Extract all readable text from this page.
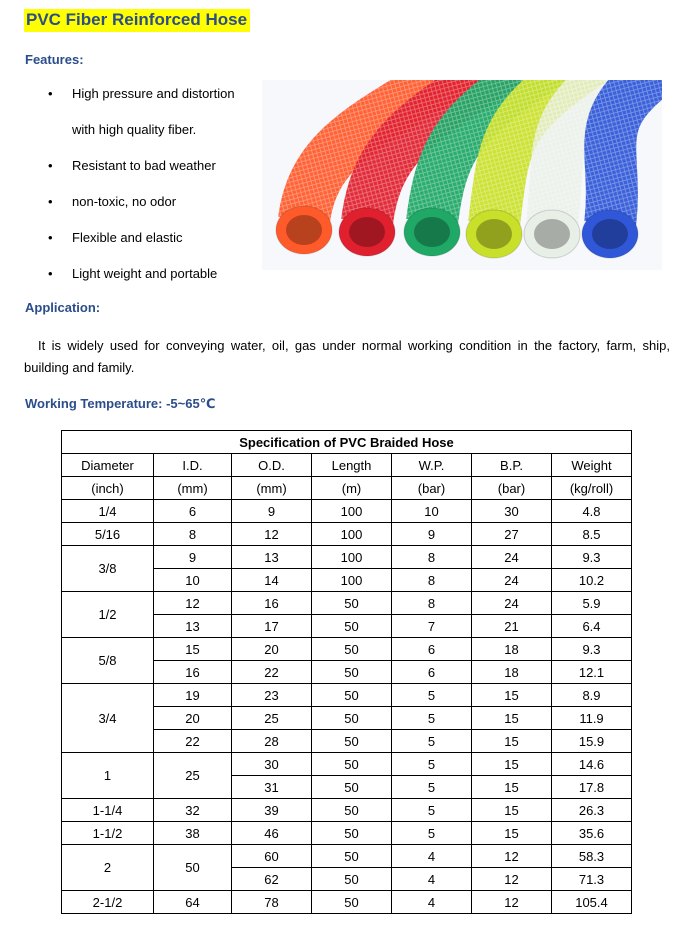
PVC Fiber Reinforced Hose
Features:
• High pressure and distortion
with high quality fiber.
• Resistant to bad weather
• non-toxic, no odor
• Flexible and elastic
• Light weight and portable
Application:
It is widely used for conveying water, oil, gas under normal working condition in the factory, farm, ship, building and family.
Working Temperature: -5~65℃
Specification of PVC Braided Hose						
Diameter	I.D.	O.D.	Length	W.P.	B.P.	Weight
(inch)	(mm)	(mm)	(m)	(bar)	(bar)	(kg/roll)
1/4	6	9	100	10	30	4.8
5/16	8	12	100	9	27	8.5
3/8	9	13	100	8	24	9.3
	10	14	100	8	24	10.2
1/2	12	16	50	8	24	5.9
	13	17	50	7	21	6.4
5/8	15	20	50	6	18	9.3
	16	22	50	6	18	12.1
3/4	19	23	50	5	15	8.9
	20	25	50	5	15	11.9
	22	28	50	5	15	15.9
1	25	30	50	5	15	14.6
		31	50	5	15	17.8
1-1/4	32	39	50	5	15	26.3
1-1/2	38	46	50	5	15	35.6
2	50	60	50	4	12	58.3
		62	50	4	12	71.3
2-1/2	64	78	50	4	12	105.4
